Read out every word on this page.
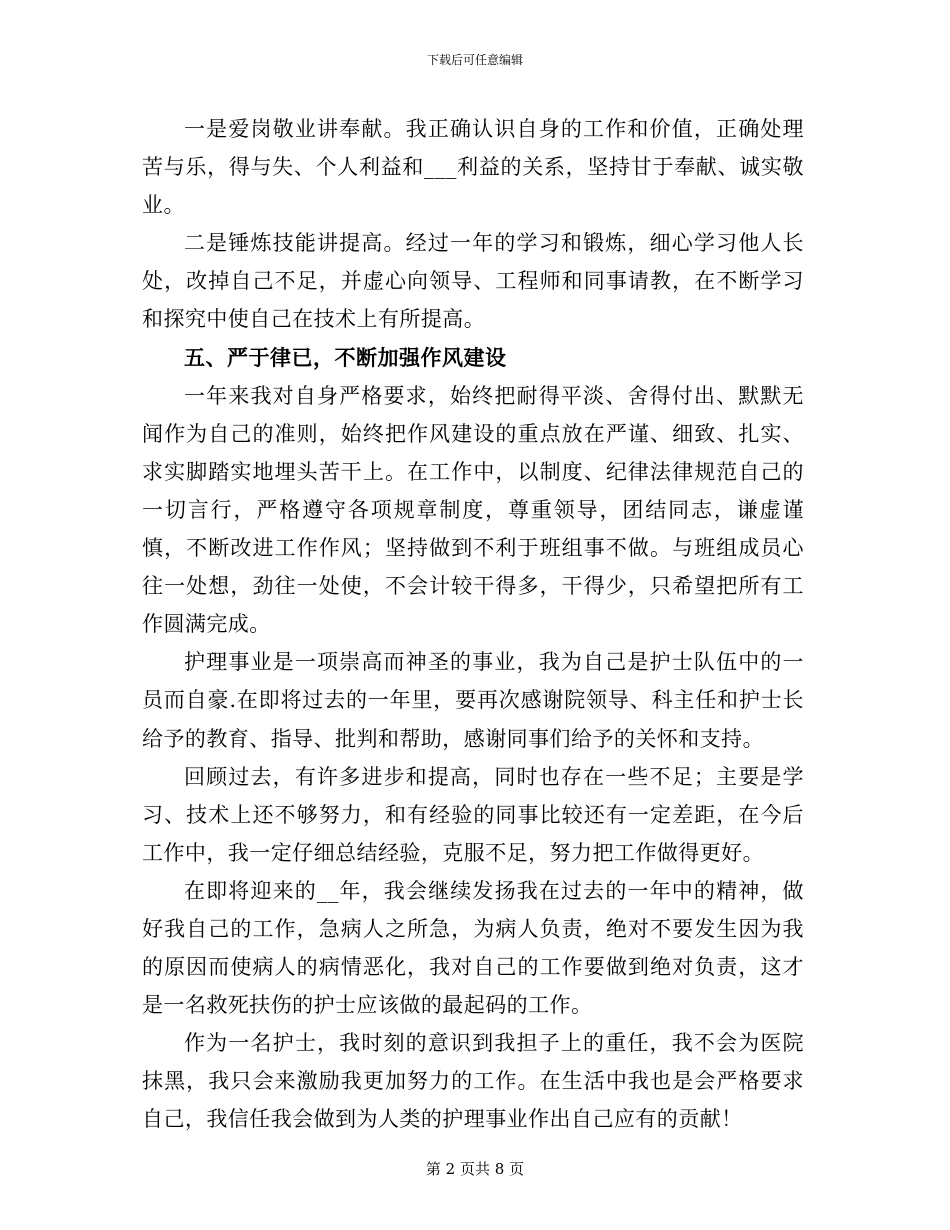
下载后可任意编辑

一是爱岗敬业讲奉献。我正确认识自身的工作和价值，正确处理苦与乐，得与失、个人利益和___利益的关系，坚持甘于奉献、诚实敬业。

二是锤炼技能讲提高。经过一年的学习和锻炼，细心学习他人长处，改掉自己不足，并虚心向领导、工程师和同事请教，在不断学习和探究中使自己在技术上有所提高。

五、严于律已，不断加强作风建设

一年来我对自身严格要求，始终把耐得平淡、舍得付出、默默无闻作为自己的准则，始终把作风建设的重点放在严谨、细致、扎实、求实脚踏实地埋头苦干上。在工作中，以制度、纪律法律规范自己的一切言行，严格遵守各项规章制度，尊重领导，团结同志，谦虚谨慎，不断改进工作作风；坚持做到不利于班组事不做。与班组成员心往一处想，劲往一处使，不会计较干得多，干得少，只希望把所有工作圆满完成。

护理事业是一项崇高而神圣的事业，我为自己是护士队伍中的一员而自豪.在即将过去的一年里，要再次感谢院领导、科主任和护士长给予的教育、指导、批判和帮助，感谢同事们给予的关怀和支持。

回顾过去，有许多进步和提高，同时也存在一些不足；主要是学习、技术上还不够努力，和有经验的同事比较还有一定差距，在今后工作中，我一定仔细总结经验，克服不足，努力把工作做得更好。

在即将迎来的__年，我会继续发扬我在过去的一年中的精神，做好我自己的工作，急病人之所急，为病人负责，绝对不要发生因为我的原因而使病人的病情恶化，我对自己的工作要做到绝对负责，这才是一名救死扶伤的护士应该做的最起码的工作。

作为一名护士，我时刻的意识到我担子上的重任，我不会为医院抹黑，我只会来激励我更加努力的工作。在生活中我也是会严格要求自己，我信任我会做到为人类的护理事业作出自己应有的贡献！

第 2 页共 8 页
